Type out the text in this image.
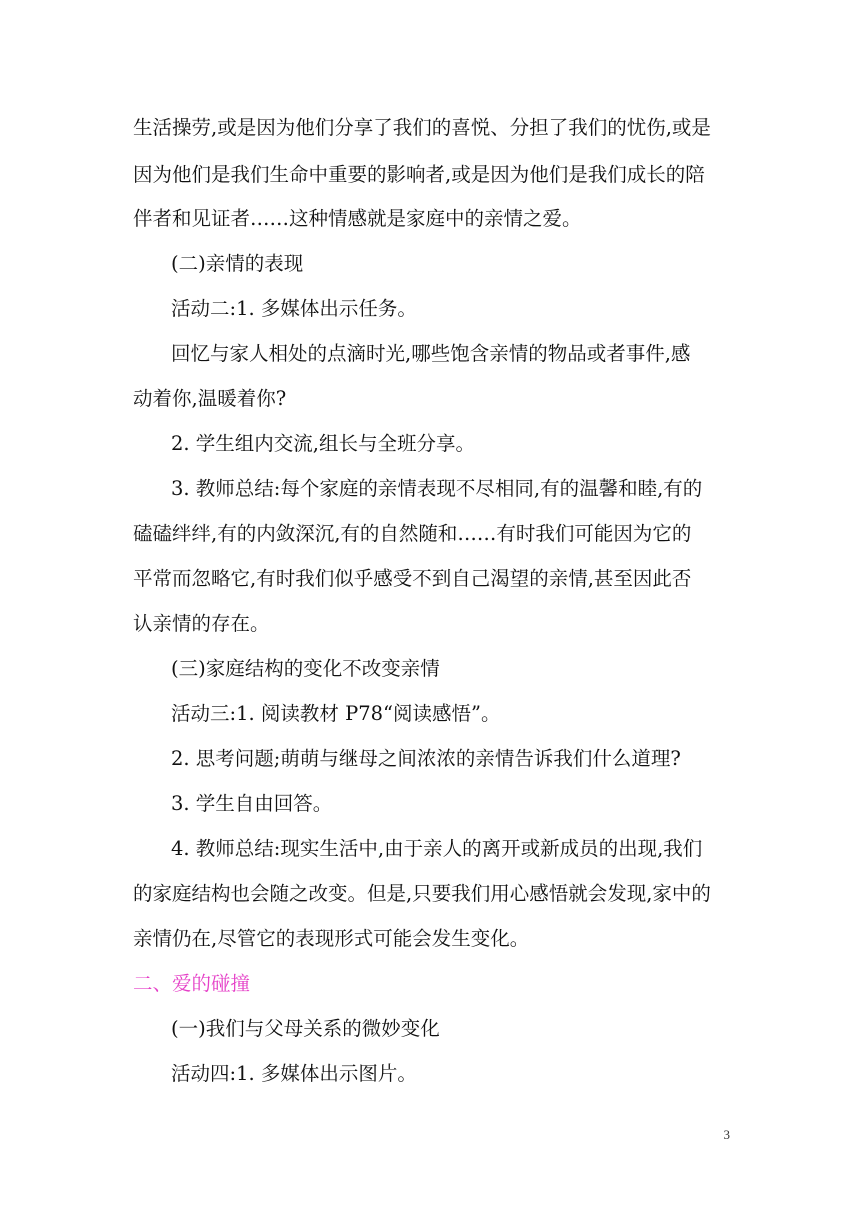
生活操劳,或是因为他们分享了我们的喜悦、分担了我们的忧伤,或是

因为他们是我们生命中重要的影响者,或是因为他们是我们成长的陪

伴者和见证者……这种情感就是家庭中的亲情之爱。

(二)亲情的表现

活动二:1. 多媒体出示任务。

回忆与家人相处的点滴时光,哪些饱含亲情的物品或者事件,感

动着你,温暖着你?

2. 学生组内交流,组长与全班分享。

3. 教师总结:每个家庭的亲情表现不尽相同,有的温馨和睦,有的

磕磕绊绊,有的内敛深沉,有的自然随和……有时我们可能因为它的

平常而忽略它,有时我们似乎感受不到自己渴望的亲情,甚至因此否

认亲情的存在。

(三)家庭结构的变化不改变亲情

活动三:1. 阅读教材 P78“阅读感悟”。

2. 思考问题;萌萌与继母之间浓浓的亲情告诉我们什么道理?

3. 学生自由回答。

4. 教师总结:现实生活中,由于亲人的离开或新成员的出现,我们

的家庭结构也会随之改变。但是,只要我们用心感悟就会发现,家中的

亲情仍在,尽管它的表现形式可能会发生变化。

二、爱的碰撞

(一)我们与父母关系的微妙变化

活动四:1. 多媒体出示图片。

3
